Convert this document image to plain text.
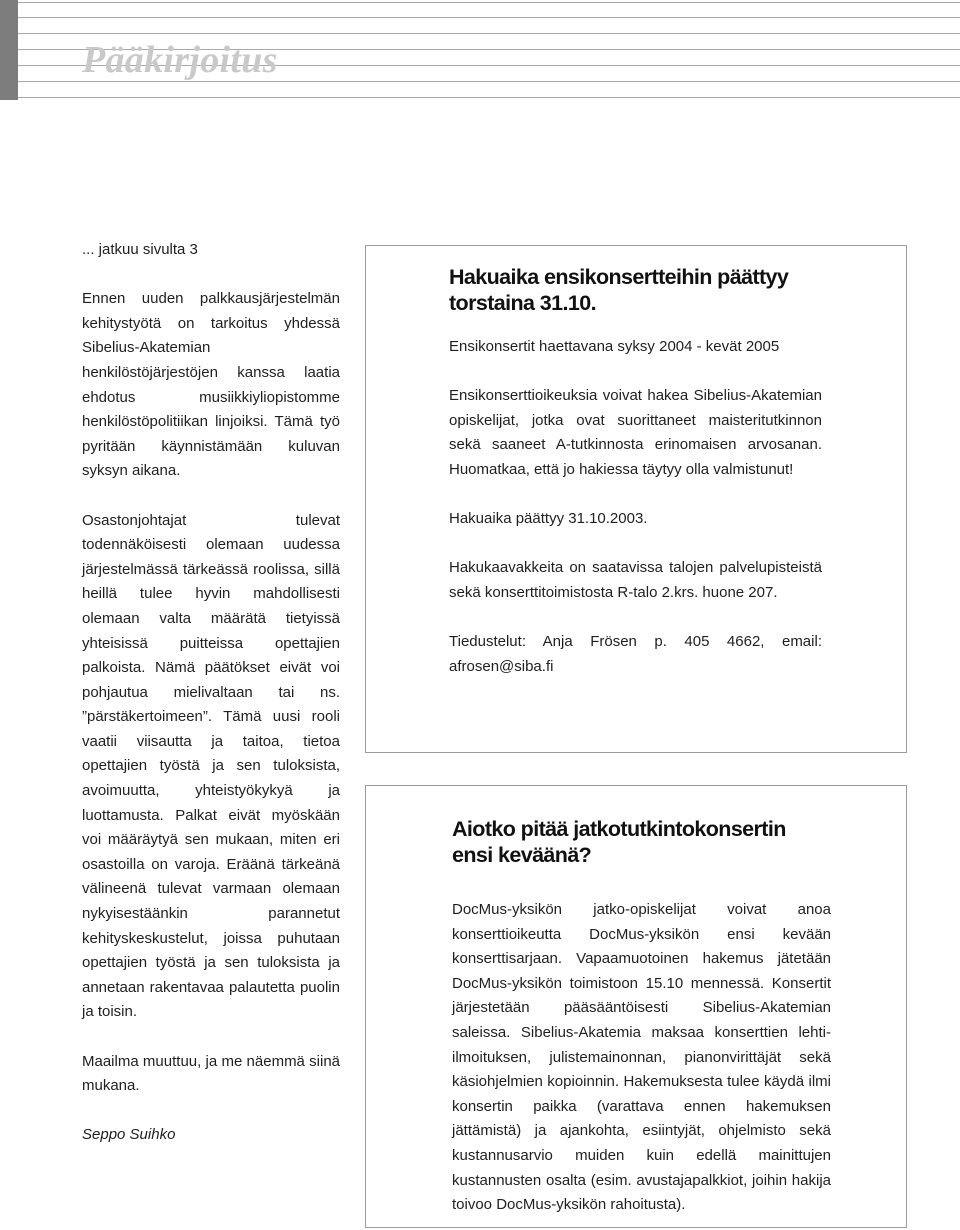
Pääkirjoitus

... jatkuu sivulta 3

Ennen uuden palkkausjärjestelmän kehitystyötä on tarkoitus yhdessä Sibelius-Akatemian henkilöstöjärjestöjen kanssa laatia ehdotus musiikkiyliopistomme henkilöstöpolitiikan linjoiksi. Tämä työ pyritään käynnistämään kuluvan syksyn aikana.

Osastonjohtajat tulevat todennäköisesti olemaan uudessa järjestelmässä tärkeässä roolissa, sillä heillä tulee hyvin mahdollisesti olemaan valta määrätä tietyissä yhteisissä puitteissa opettajien palkoista. Nämä päätökset eivät voi pohjautua mielivaltaan tai ns. ”pärstäkertoimeen”. Tämä uusi rooli vaatii viisautta ja taitoa, tietoa opettajien työstä ja sen tuloksista, avoimuutta, yhteistyökykyä ja luottamusta. Palkat eivät myöskään voi määräytyä sen mukaan, miten eri osastoilla on varoja. Eräänä tärkeänä välineenä tulevat varmaan olemaan nykyisestäänkin parannetut kehityskeskustelut, joissa puhutaan opettajien työstä ja sen tuloksista ja annetaan rakentavaa palautetta puolin ja toisin.

Maailma muuttuu, ja me näemmä siinä mukana.

Seppo Suihko

Hakuaika ensikonsertteihin päättyy torstaina 31.10.

Ensikonsertit haettavana syksy 2004 - kevät 2005

Ensikonserttioikeuksia voivat hakea Sibelius-Akatemian opiskelijat, jotka ovat suorittaneet maisteritutkinnon sekä saaneet A-tutkinnosta erinomaisen arvosanan. Huomatkaa, että jo hakiessa täytyy olla valmistunut!

Hakuaika päättyy 31.10.2003.

Hakukaavakkeita on saatavissa talojen palvelupisteistä sekä konserttitoimistosta R-talo 2.krs. huone 207.

Tiedustelut: Anja Frösen p. 405 4662, email: afrosen@siba.fi

Aiotko pitää jatkotutkintokonsertin ensi keväänä?

DocMus-yksikön jatko-opiskelijat voivat anoa konserttioikeutta DocMus-yksikön ensi kevään konserttisarjaan. Vapaamuotoinen hakemus jätetään DocMus-yksikön toimistoon 15.10 mennessä. Konsertit järjestetään pääsääntöisesti Sibelius-Akatemian saleissa. Sibelius-Akatemia maksaa konserttien lehti-ilmoituksen, julistemainonnan, pianonvirittäjät sekä käsiohjelmien kopioinnin. Hakemuksesta tulee käydä ilmi konsertin paikka (varattava ennen hakemuksen jättämistä) ja ajankohta, esiintyjät, ohjelmisto sekä kustannusarvio muiden kuin edellä mainittujen kustannusten osalta (esim. avustajapalkkiot, joihin hakija toivoo DocMus-yksikön rahoitusta).
